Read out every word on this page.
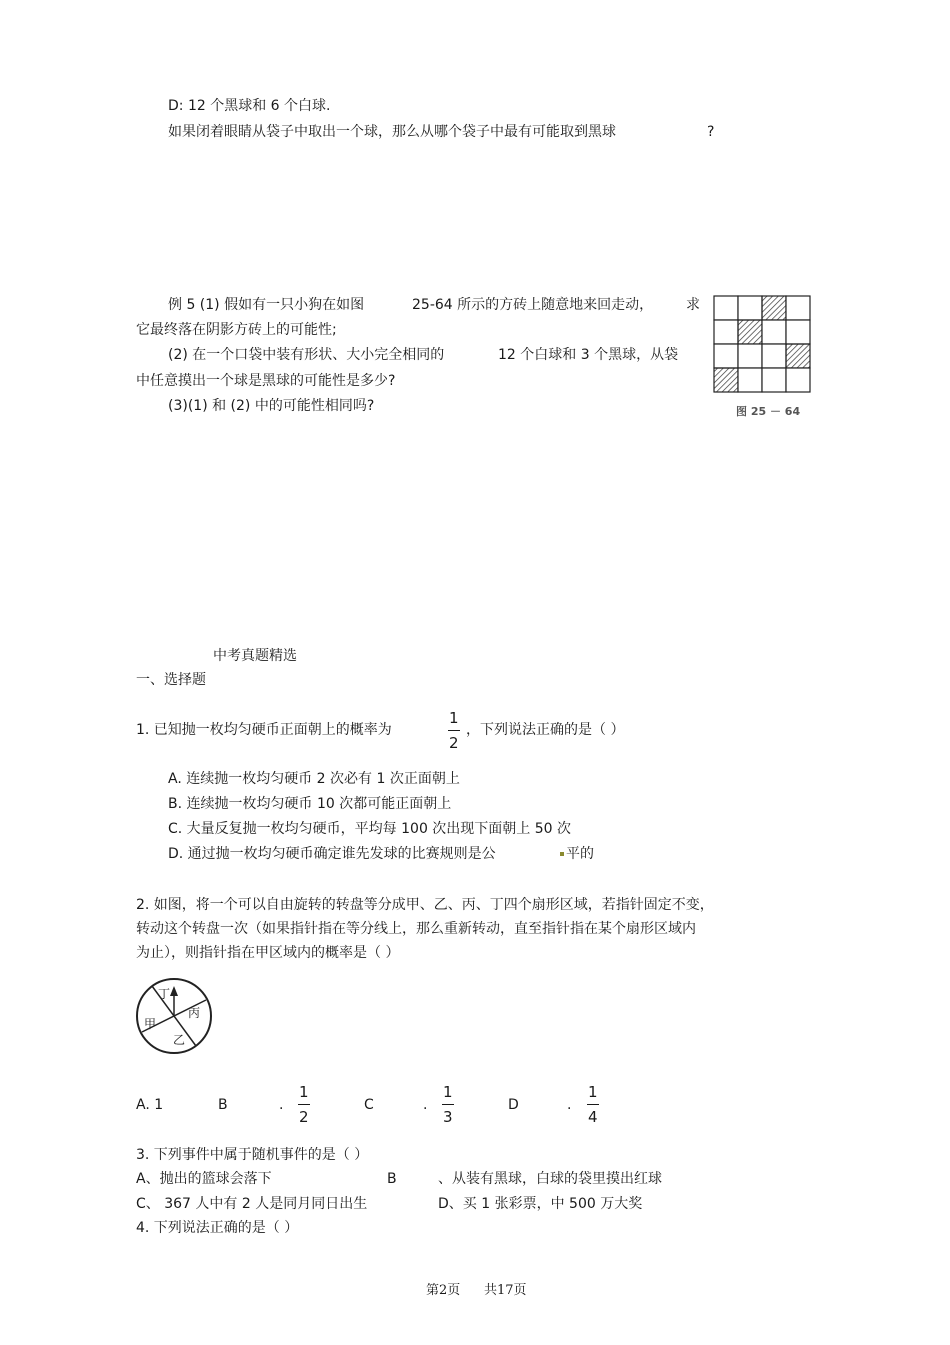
D: 12 个黑球和 6 个白球.
如果闭着眼睛从袋子中取出一个球，那么从哪个袋子中最有可能取到黑球	?
例 5 (1) 假如有一只小狗在如图	25-64 所示的方砖上随意地来回走动， 求
它最终落在阴影方砖上的可能性;
(2) 在一个口袋中装有形状、大小完全相同的	12 个白球和 3 个黑球，从袋
中任意摸出一个球是黑球的可能性是多少?
(3)(1) 和 (2) 中的可能性相同吗?	图 25 － 64
中考真题精选
一、选择题
1. 已知抛一枚均匀硬币正面朝上的概率为
1
2
，下列说法正确的是（ ）
A. 连续抛一枚均匀硬币 2 次必有 1 次正面朝上
B. 连续抛一枚均匀硬币 10 次都可能正面朝上
C. 大量反复抛一枚均匀硬币，平均每 100 次出现下面朝上 50 次
D. 通过抛一枚均匀硬币确定谁先发球的比赛规则是公	平的
2. 如图，将一个可以自由旋转的转盘等分成甲、乙、丙、丁四个扇形区域，若指针固定不变，
转动这个转盘一次（如果指针指在等分线上，那么重新转动，直至指针指在某个扇形区域内
为止），则指针指在甲区域内的概率是（ ）
丁
丙
甲
乙
A. 1	B	.
1
2
C	.
1
3
D	.
1
4
3. 下列事件中属于随机事件的是（ ）
A、抛出的篮球会落下	B	、从装有黑球，白球的袋里摸出红球
C、 367 人中有 2 人是同月同日出生	D、买 1 张彩票，中 500 万大奖
4. 下列说法正确的是（ ）
第2页 共17页
